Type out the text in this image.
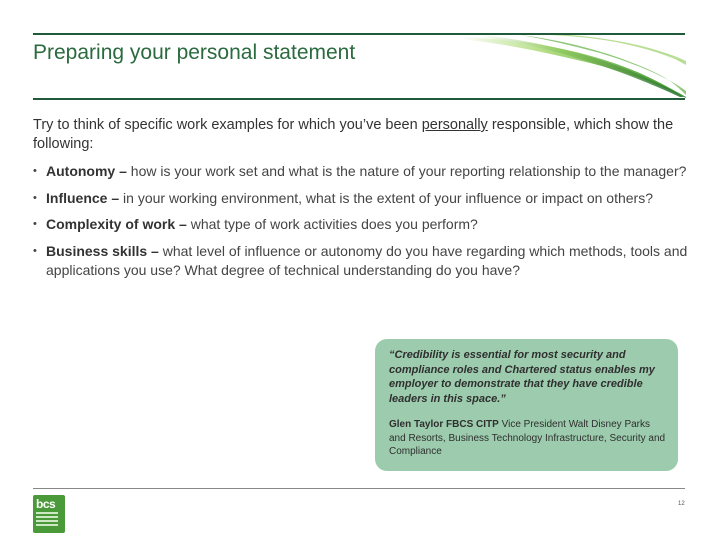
Preparing your personal statement
Try to think of specific work examples for which you’ve been personally responsible, which show the following:
• Autonomy – how is your work set and what is the nature of your reporting relationship to the manager?
• Influence – in your working environment, what is the extent of your influence or impact on others?
• Complexity of work – what type of work activities does you perform?
• Business skills – what level of influence or autonomy do you have regarding which methods, tools and applications you use? What degree of technical understanding do you have?
“Credibility is essential for most security and compliance roles and Chartered status enables my employer to demonstrate that they have credible leaders in this space.”
Glen Taylor FBCS CITP Vice President Walt Disney Parks and Resorts, Business Technology Infrastructure, Security and Compliance
bcs	12
